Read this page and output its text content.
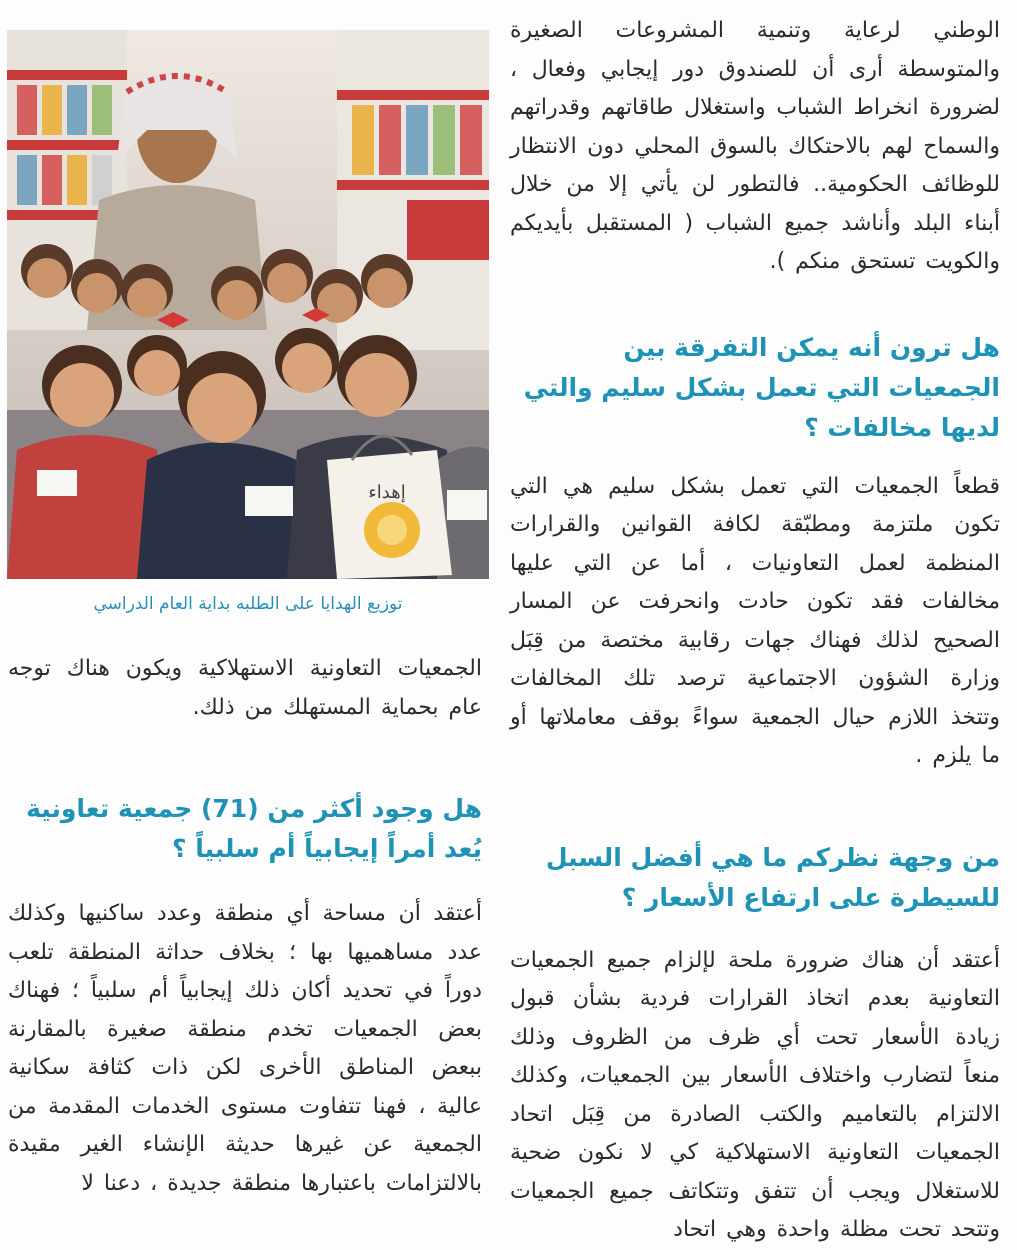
الوطني لرعاية وتنمية المشروعات الصغيرة والمتوسطة أرى أن للصندوق دور إيجابي وفعال ، لضرورة انخراط الشباب واستغلال طاقاتهم وقدراتهم والسماح لهم بالاحتكاك بالسوق المحلي دون الانتظار للوظائف الحكومية.. فالتطور لن يأتي إلا من خلال أبناء البلد وأناشد جميع الشباب ( المستقبل بأيديكم والكويت تستحق منكم ).

هل ترون أنه يمكن التفرقة بين الجمعيات التي تعمل بشكل سليم والتي لديها مخالفات ؟

قطعاً الجمعيات التي تعمل بشكل سليم هي التي تكون ملتزمة ومطبّقة لكافة القوانين والقرارات المنظمة لعمل التعاونيات ، أما عن التي عليها مخالفات فقد تكون حادت وانحرفت عن المسار الصحيح لذلك فهناك جهات رقابية مختصة من قِبَل وزارة الشؤون الاجتماعية ترصد تلك المخالفات وتتخذ اللازم حيال الجمعية سواءً بوقف معاملاتها أو ما يلزم .

من وجهة نظركم ما هي أفضل السبل للسيطرة على ارتفاع الأسعار ؟

أعتقد أن هناك ضرورة ملحة لإلزام جميع الجمعيات التعاونية بعدم اتخاذ القرارات فردية بشأن قبول زيادة الأسعار تحت أي ظرف من الظروف وذلك منعاً لتضارب واختلاف الأسعار بين الجمعيات، وكذلك الالتزام بالتعاميم والكتب الصادرة من قِبَل اتحاد الجمعيات التعاونية الاستهلاكية كي لا نكون ضحية للاستغلال ويجب أن تتفق وتتكاتف جميع الجمعيات وتتحد تحت مظلة واحدة وهي اتحاد

إهداء
توزيع الهدايا على الطلبه بداية العام الدراسي

الجمعيات التعاونية الاستهلاكية ويكون هناك توجه عام بحماية المستهلك من ذلك.

هل وجود أكثر من (71) جمعية تعاونية يُعد أمراً إيجابياً أم سلبياً ؟

أعتقد أن مساحة أي منطقة وعدد ساكنيها وكذلك عدد مساهميها بها ؛ بخلاف حداثة المنطقة تلعب دوراً في تحديد أكان ذلك إيجابياً أم سلبياً ؛ فهناك بعض الجمعيات تخدم منطقة صغيرة بالمقارنة ببعض المناطق الأخرى لكن ذات كثافة سكانية عالية ، فهنا تتفاوت مستوى الخدمات المقدمة من الجمعية عن غيرها حديثة الإنشاء الغير مقيدة بالالتزامات باعتبارها منطقة جديدة ، دعنا لا
